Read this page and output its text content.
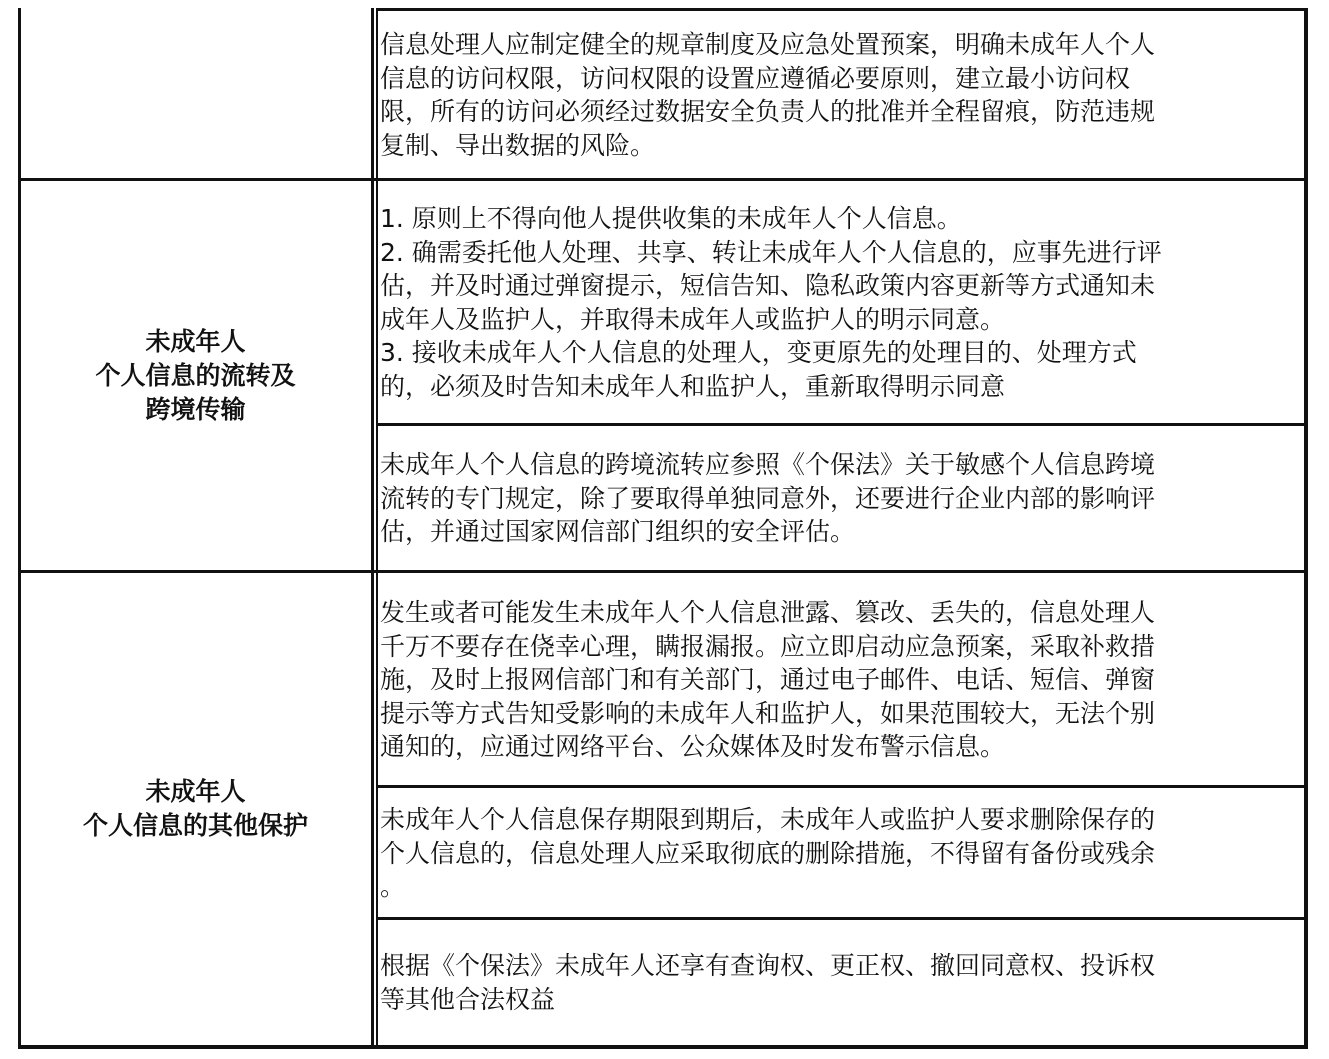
信息处理人应制定健全的规章制度及应急处置预案，明确未成年人个人
信息的访问权限，访问权限的设置应遵循必要原则，建立最小访问权
限，所有的访问必须经过数据安全负责人的批准并全程留痕，防范违规
复制、导出数据的风险。
未成年人
个人信息的流转及
跨境传输
1. 原则上不得向他人提供收集的未成年人个人信息。
2. 确需委托他人处理、共享、转让未成年人个人信息的，应事先进行评
估，并及时通过弹窗提示，短信告知、隐私政策内容更新等方式通知未
成年人及监护人，并取得未成年人或监护人的明示同意。
3. 接收未成年人个人信息的处理人，变更原先的处理目的、处理方式
的，必须及时告知未成年人和监护人，重新取得明示同意
未成年人个人信息的跨境流转应参照《个保法》关于敏感个人信息跨境
流转的专门规定，除了要取得单独同意外，还要进行企业内部的影响评
估，并通过国家网信部门组织的安全评估。
未成年人
个人信息的其他保护
发生或者可能发生未成年人个人信息泄露、篡改、丢失的，信息处理人
千万不要存在侥幸心理，瞒报漏报。应立即启动应急预案，采取补救措
施，及时上报网信部门和有关部门，通过电子邮件、电话、短信、弹窗
提示等方式告知受影响的未成年人和监护人，如果范围较大，无法个别
通知的，应通过网络平台、公众媒体及时发布警示信息。
未成年人个人信息保存期限到期后，未成年人或监护人要求删除保存的
个人信息的，信息处理人应采取彻底的删除措施，不得留有备份或残余
。
根据《个保法》未成年人还享有查询权、更正权、撤回同意权、投诉权
等其他合法权益
